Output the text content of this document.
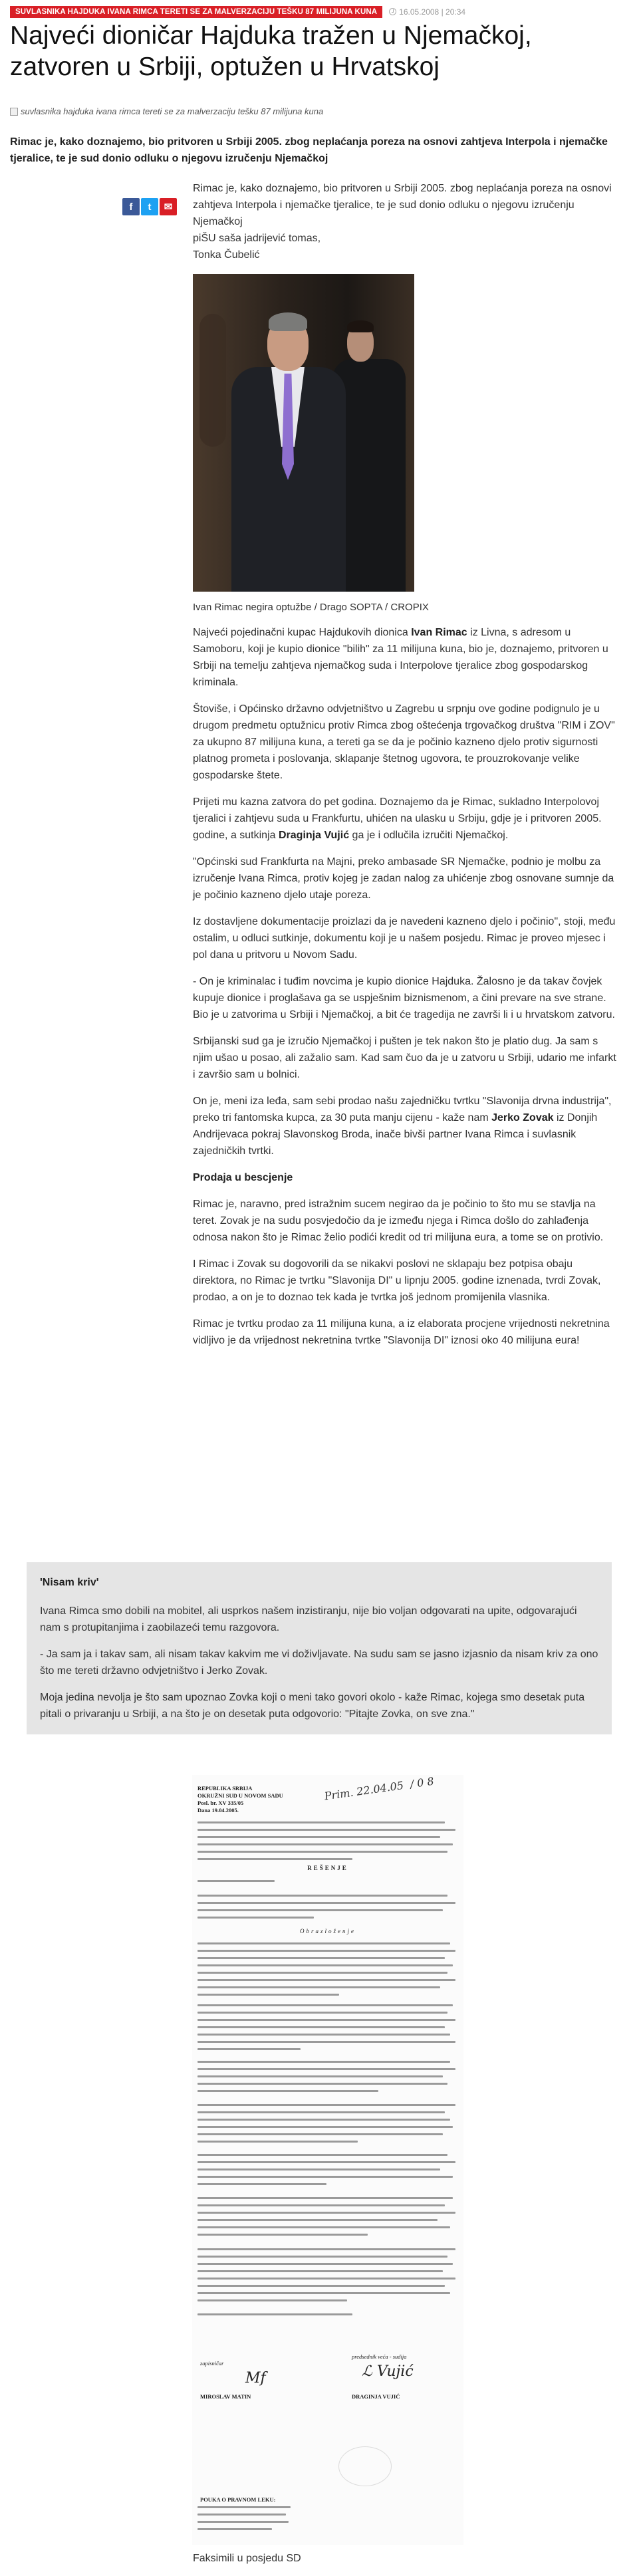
SUVLASNIKA HAJDUKA IVANA RIMCA TERETI SE ZA MALVERZACIJU TEŠKU 87 MILIJUNA KUNA	16.05.2008 | 20:34
Najveći dioničar Hajduka tražen u Njemačkoj, zatvoren u Srbiji, optužen u Hrvatskoj
suvlasnika hajduka ivana rimca tereti se za malverzaciju tešku 87 milijuna kuna

Rimac je, kako doznajemo, bio pritvoren u Srbiji 2005. zbog neplaćanja poreza na osnovi zahtjeva Interpola i njemačke tjeralice, te je sud donio odluku o njegovu izručenju Njemačkoj

f	t	✉

Rimac je, kako doznajemo, bio pritvoren u Srbiji 2005. zbog neplaćanja poreza na osnovi zahtjeva Interpola i njemačke tjeralice, te je sud donio odluku o njegovu izručenju Njemačkoj

piŠU saša jadrijević tomas,

Tonka Čubelić

Ivan Rimac negira optužbe / Drago SOPTA / CROPIX

Najveći pojedinačni kupac Hajdukovih dionica Ivan Rimac iz Livna, s adresom u Samoboru, koji je kupio dionice "bilih" za 11 milijuna kuna, bio je, doznajemo, pritvoren u Srbiji na temelju zahtjeva njemačkog suda i Interpolove tjeralice zbog gospodarskog kriminala.

Štoviše, i Općinsko državno odvjetništvo u Zagrebu u srpnju ove godine podignulo je u drugom predmetu optužnicu protiv Rimca zbog oštećenja trgovačkog društva "RIM i ZOV" za ukupno 87 milijuna kuna, a tereti ga se da je počinio kazneno djelo protiv sigurnosti platnog prometa i poslovanja, sklapanje štetnog ugovora, te prouzrokovanje velike gospodarske štete.

Prijeti mu kazna zatvora do pet godina. Doznajemo da je Rimac, sukladno Interpolovoj tjeralici i zahtjevu suda u Frankfurtu, uhićen na ulasku u Srbiju, gdje je i pritvoren 2005. godine, a sutkinja Draginja Vujić ga je i odlučila izručiti Njemačkoj.

"Općinski sud Frankfurta na Majni, preko ambasade SR Njemačke, podnio je molbu za izručenje Ivana Rimca, protiv kojeg je zadan nalog za uhićenje zbog osnovane sumnje da je počinio kazneno djelo utaje poreza.

Iz dostavljene dokumentacije proizlazi da je navedeni kazneno djelo i počinio", stoji, među ostalim, u odluci sutkinje, dokumentu koji je u našem posjedu. Rimac je proveo mjesec i pol dana u pritvoru u Novom Sadu.

- On je kriminalac i tuđim novcima je kupio dionice Hajduka. Žalosno je da takav čovjek kupuje dionice i proglašava ga se uspješnim biznismenom, a čini prevare na sve strane. Bio je u zatvorima u Srbiji i Njemačkoj, a bit će tragedija ne završi li i u hrvatskom zatvoru.

Srbijanski sud ga je izručio Njemačkoj i pušten je tek nakon što je platio dug. Ja sam s njim ušao u posao, ali zažalio sam. Kad sam čuo da je u zatvoru u Srbiji, udario me infarkt i završio sam u bolnici.

On je, meni iza leđa, sam sebi prodao našu zajedničku tvrtku "Slavonija drvna industrija", preko tri fantomska kupca, za 30 puta manju cijenu - kaže nam Jerko Zovak iz Donjih Andrijevaca pokraj Slavonskog Broda, inače bivši partner Ivana Rimca i suvlasnik zajedničkih tvrtki.

Prodaja u bescjenje

Rimac je, naravno, pred istražnim sucem negirao da je počinio to što mu se stavlja na teret. Zovak je na sudu posvjedočio da je između njega i Rimca došlo do zahlađenja odnosa nakon što je Rimac želio podići kredit od tri milijuna eura, a tome se on protivio.

I Rimac i Zovak su dogovorili da se nikakvi poslovi ne sklapaju bez potpisa obaju direktora, no Rimac je tvrtku "Slavonija DI" u lipnju 2005. godine iznenada, tvrdi Zovak, prodao, a on je to doznao tek kada je tvrtka još jednom promijenila vlasnika.

Rimac je tvrtku prodao za 11 milijuna kuna, a iz elaborata procjene vrijednosti nekretnina vidljivo je da vrijednost nekretnina tvrtke "Slavonija DI" iznosi oko 40 milijuna eura!

'Nisam kriv'

Ivana Rimca smo dobili na mobitel, ali usprkos našem inzistiranju, nije bio voljan odgovarati na upite, odgovarajući nam s protupitanjima i zaobilazeći temu razgovora.

- Ja sam ja i takav sam, ali nisam takav kakvim me vi doživljavate. Na sudu sam se jasno izjasnio da nisam kriv za ono što me tereti državno odvjetništvo i Jerko Zovak.

Moja jedina nevolja je što sam upoznao Zovka koji o meni tako govori okolo - kaže Rimac, kojega smo desetak puta pitali o privaranju u Srbiji, a na što je on desetak puta odgovorio: "Pitajte Zovka, on sve zna."

REPUBLIKA SRBIJA
OKRUŽNI SUD U NOVOM SADU
Posl. br. XV 335/05
Dana 19.04.2005.
Prim. 22.04.05  / 0 8
REŠENJE
Obrazloženje
zapisničar
Mf
MIROSLAV MATIN
predsednik veća - sudija
ℒ Vujić
DRAGINJA VUJIĆ
POUKA O PRAVNOM LEKU:

Faksimili u posjedu SD
